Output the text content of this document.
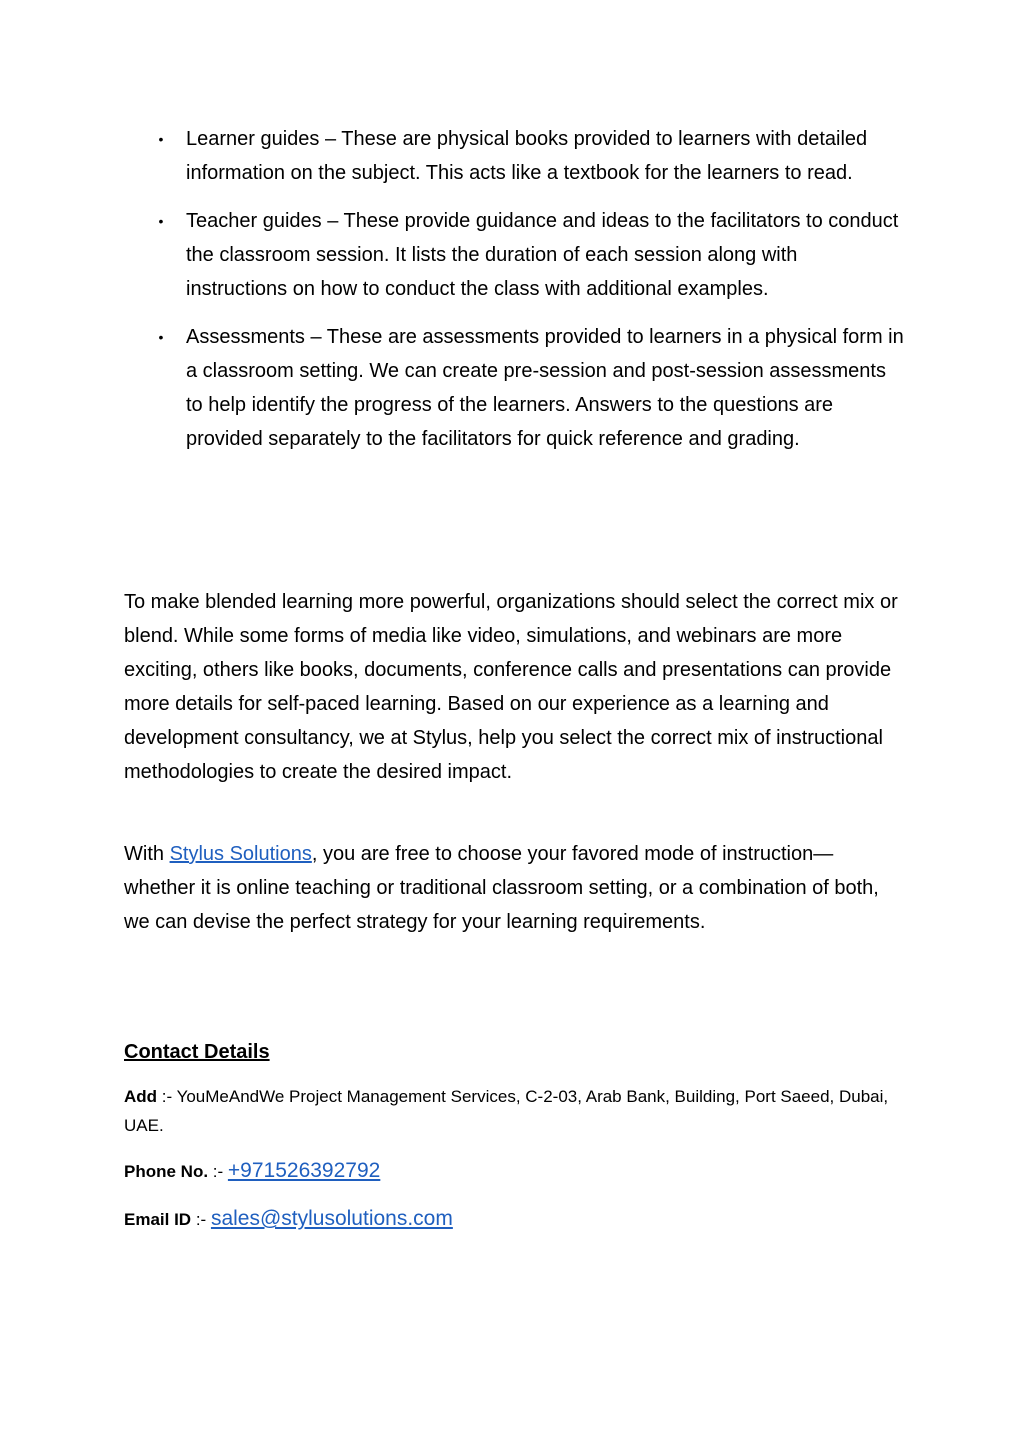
• Learner guides – These are physical books provided to learners with detailed information on the subject. This acts like a textbook for the learners to read.
• Teacher guides – These provide guidance and ideas to the facilitators to conduct the classroom session. It lists the duration of each session along with instructions on how to conduct the class with additional examples.
• Assessments – These are assessments provided to learners in a physical form in a classroom setting. We can create pre-session and post-session assessments to help identify the progress of the learners. Answers to the questions are provided separately to the facilitators for quick reference and grading.

To make blended learning more powerful, organizations should select the correct mix or blend. While some forms of media like video, simulations, and webinars are more exciting, others like books, documents, conference calls and presentations can provide more details for self-paced learning. Based on our experience as a learning and development consultancy, we at Stylus, help you select the correct mix of instructional methodologies to create the desired impact.

With Stylus Solutions, you are free to choose your favored mode of instruction—whether it is online teaching or traditional classroom setting, or a combination of both, we can devise the perfect strategy for your learning requirements.

Contact Details

Add :- YouMeAndWe Project Management Services, C-2-03, Arab Bank, Building, Port Saeed, Dubai, UAE.

Phone No. :- +971526392792

Email ID :- sales@stylusolutions.com
